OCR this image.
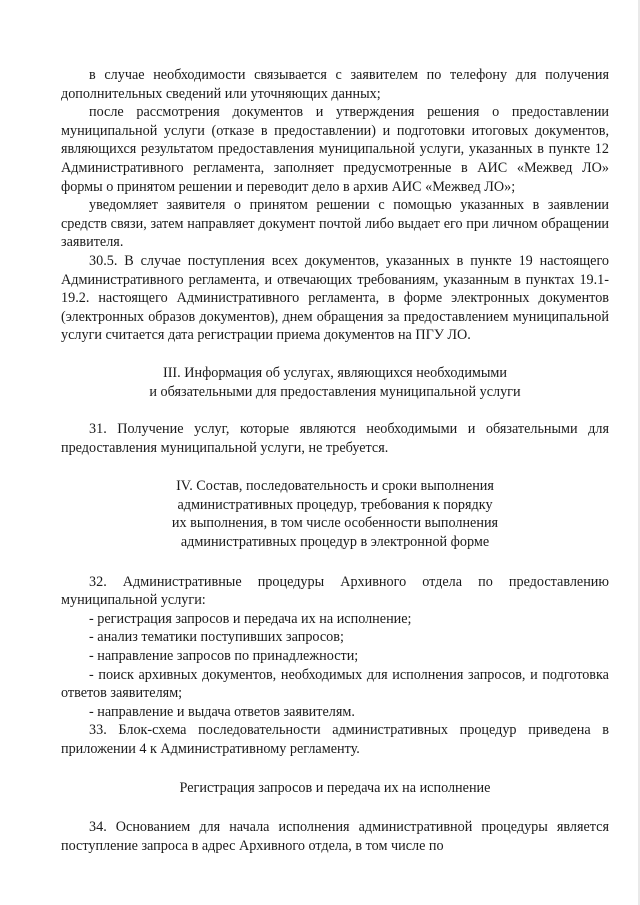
в случае необходимости связывается с заявителем по телефону для получения дополнительных сведений или уточняющих данных;

после рассмотрения документов и утверждения решения о предоставлении муниципальной услуги (отказе в предоставлении) и подготовки итоговых документов, являющихся результатом предоставления муниципальной услуги, указанных в пункте 12 Административного регламента, заполняет предусмотренные в АИС «Межвед ЛО» формы о принятом решении и переводит дело в архив АИС «Межвед ЛО»;

уведомляет заявителя о принятом решении с помощью указанных в заявлении средств связи, затем направляет документ почтой либо выдает его при личном обращении заявителя.

30.5. В случае поступления всех документов, указанных в пункте 19 настоящего Административного регламента, и отвечающих требованиям, указанным в пунктах 19.1-19.2. настоящего Административного регламента, в форме электронных документов (электронных образов документов), днем обращения за предоставлением муниципальной услуги считается дата регистрации приема документов на ПГУ ЛО.

III. Информация об услугах, являющихся необходимыми
и обязательными для предоставления муниципальной услуги

31. Получение услуг, которые являются необходимыми и обязательными для предоставления муниципальной услуги, не требуется.

IV. Состав, последовательность и сроки выполнения
административных процедур, требования к порядку
их выполнения, в том числе особенности выполнения
административных процедур в электронной форме

32. Административные процедуры Архивного отдела по предоставлению муниципальной услуги:

- регистрация запросов и передача их на исполнение;

- анализ тематики поступивших запросов;

- направление запросов по принадлежности;

- поиск архивных документов, необходимых для исполнения запросов, и подготовка ответов заявителям;

- направление и выдача ответов заявителям.

33. Блок-схема последовательности административных процедур приведена в приложении 4 к Административному регламенту.

Регистрация запросов и передача их на исполнение

34. Основанием для начала исполнения административной процедуры является поступление запроса в адрес Архивного отдела, в том числе по
